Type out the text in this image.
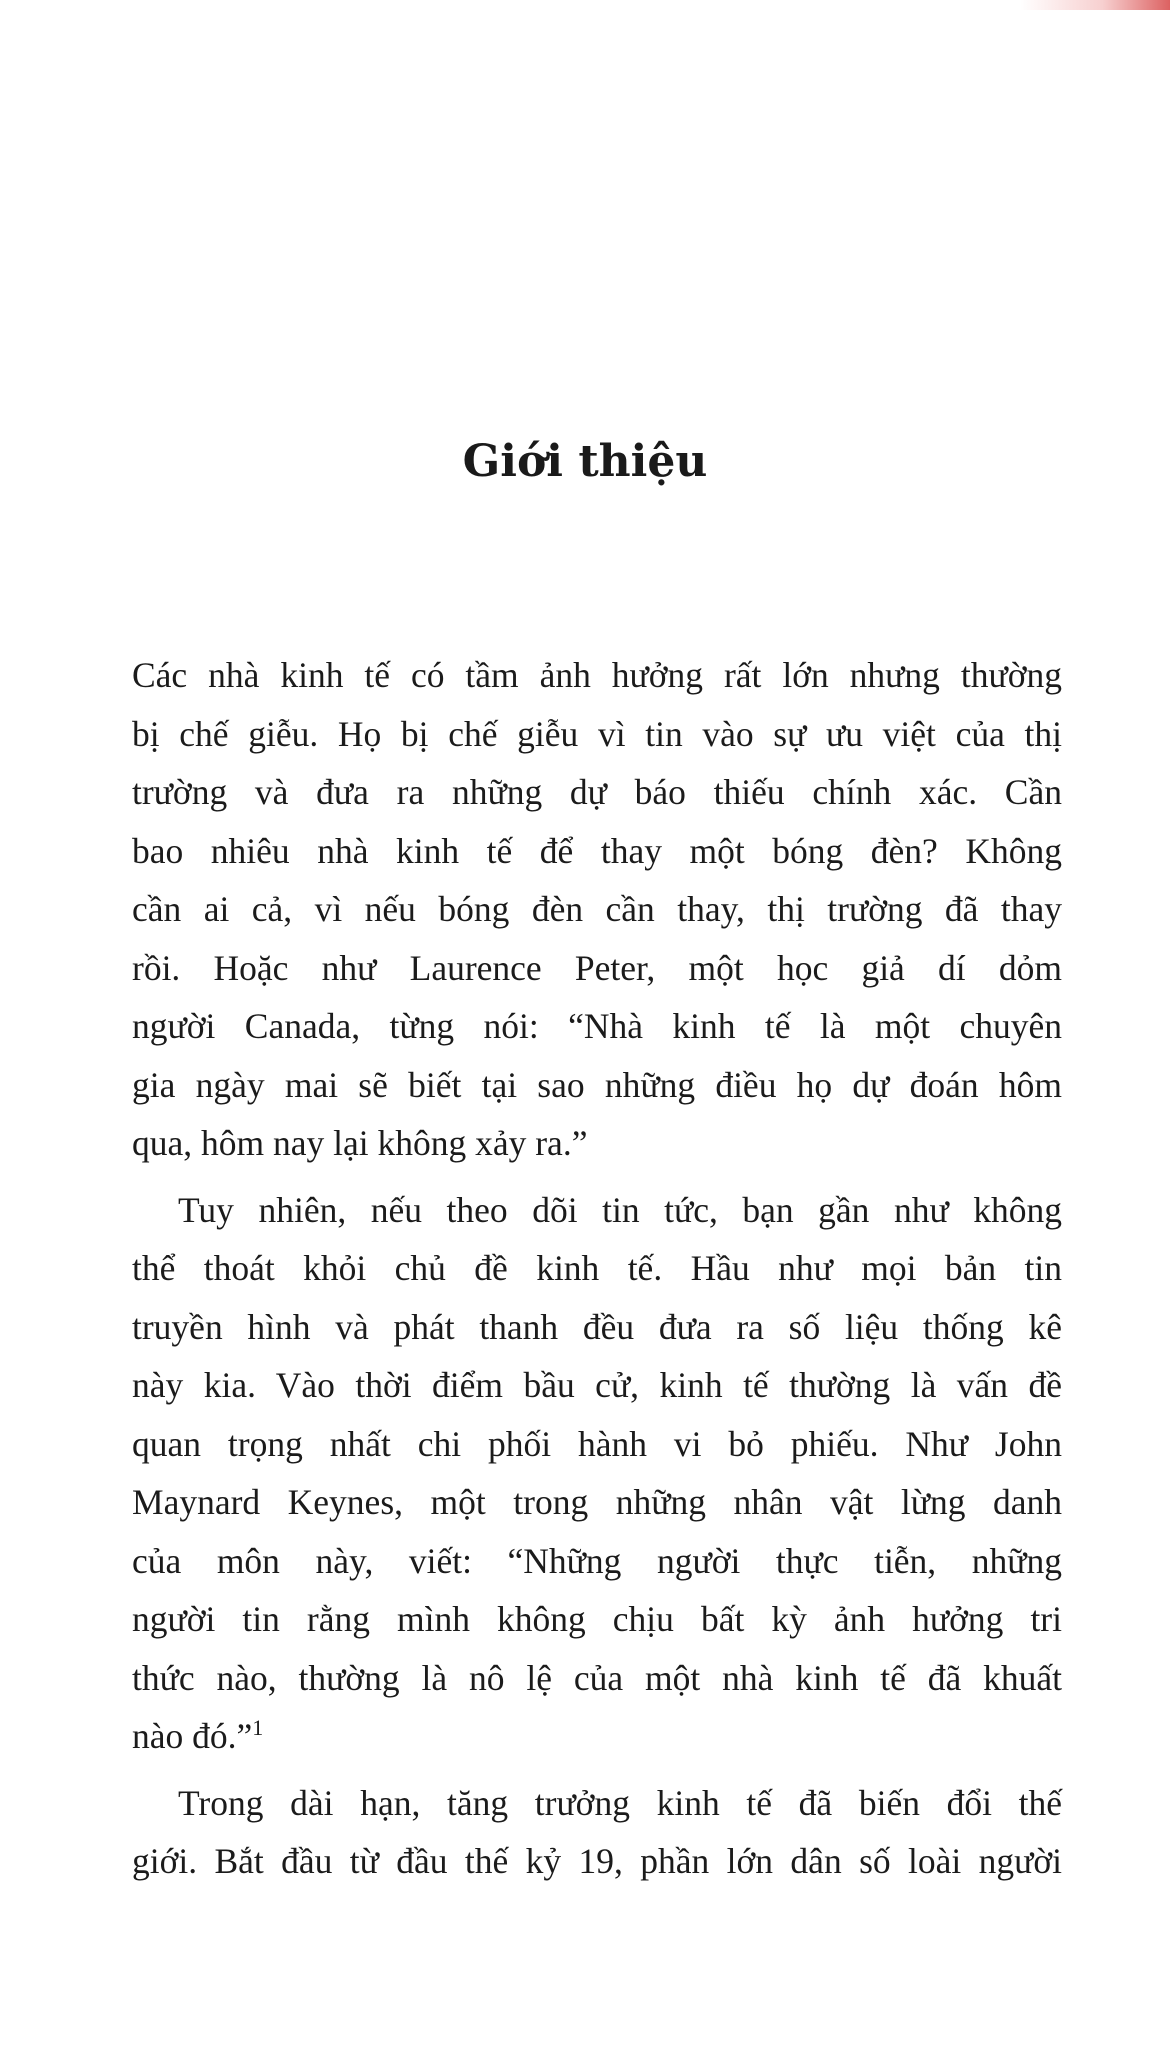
Giới thiệu

Các nhà kinh tế có tầm ảnh hưởng rất lớn nhưng thường
bị chế giễu. Họ bị chế giễu vì tin vào sự ưu việt của thị
trường và đưa ra những dự báo thiếu chính xác. Cần
bao nhiêu nhà kinh tế để thay một bóng đèn? Không
cần ai cả, vì nếu bóng đèn cần thay, thị trường đã thay
rồi. Hoặc như Laurence Peter, một học giả dí dỏm
người Canada, từng nói: “Nhà kinh tế là một chuyên
gia ngày mai sẽ biết tại sao những điều họ dự đoán hôm
qua, hôm nay lại không xảy ra.”

Tuy nhiên, nếu theo dõi tin tức, bạn gần như không
thể thoát khỏi chủ đề kinh tế. Hầu như mọi bản tin
truyền hình và phát thanh đều đưa ra số liệu thống kê
này kia. Vào thời điểm bầu cử, kinh tế thường là vấn đề
quan trọng nhất chi phối hành vi bỏ phiếu. Như John
Maynard Keynes, một trong những nhân vật lừng danh
của môn này, viết: “Những người thực tiễn, những
người tin rằng mình không chịu bất kỳ ảnh hưởng tri
thức nào, thường là nô lệ của một nhà kinh tế đã khuất
nào đó.”$^1$

Trong dài hạn, tăng trưởng kinh tế đã biến đổi thế
giới. Bắt đầu từ đầu thế kỷ 19, phần lớn dân số loài người
